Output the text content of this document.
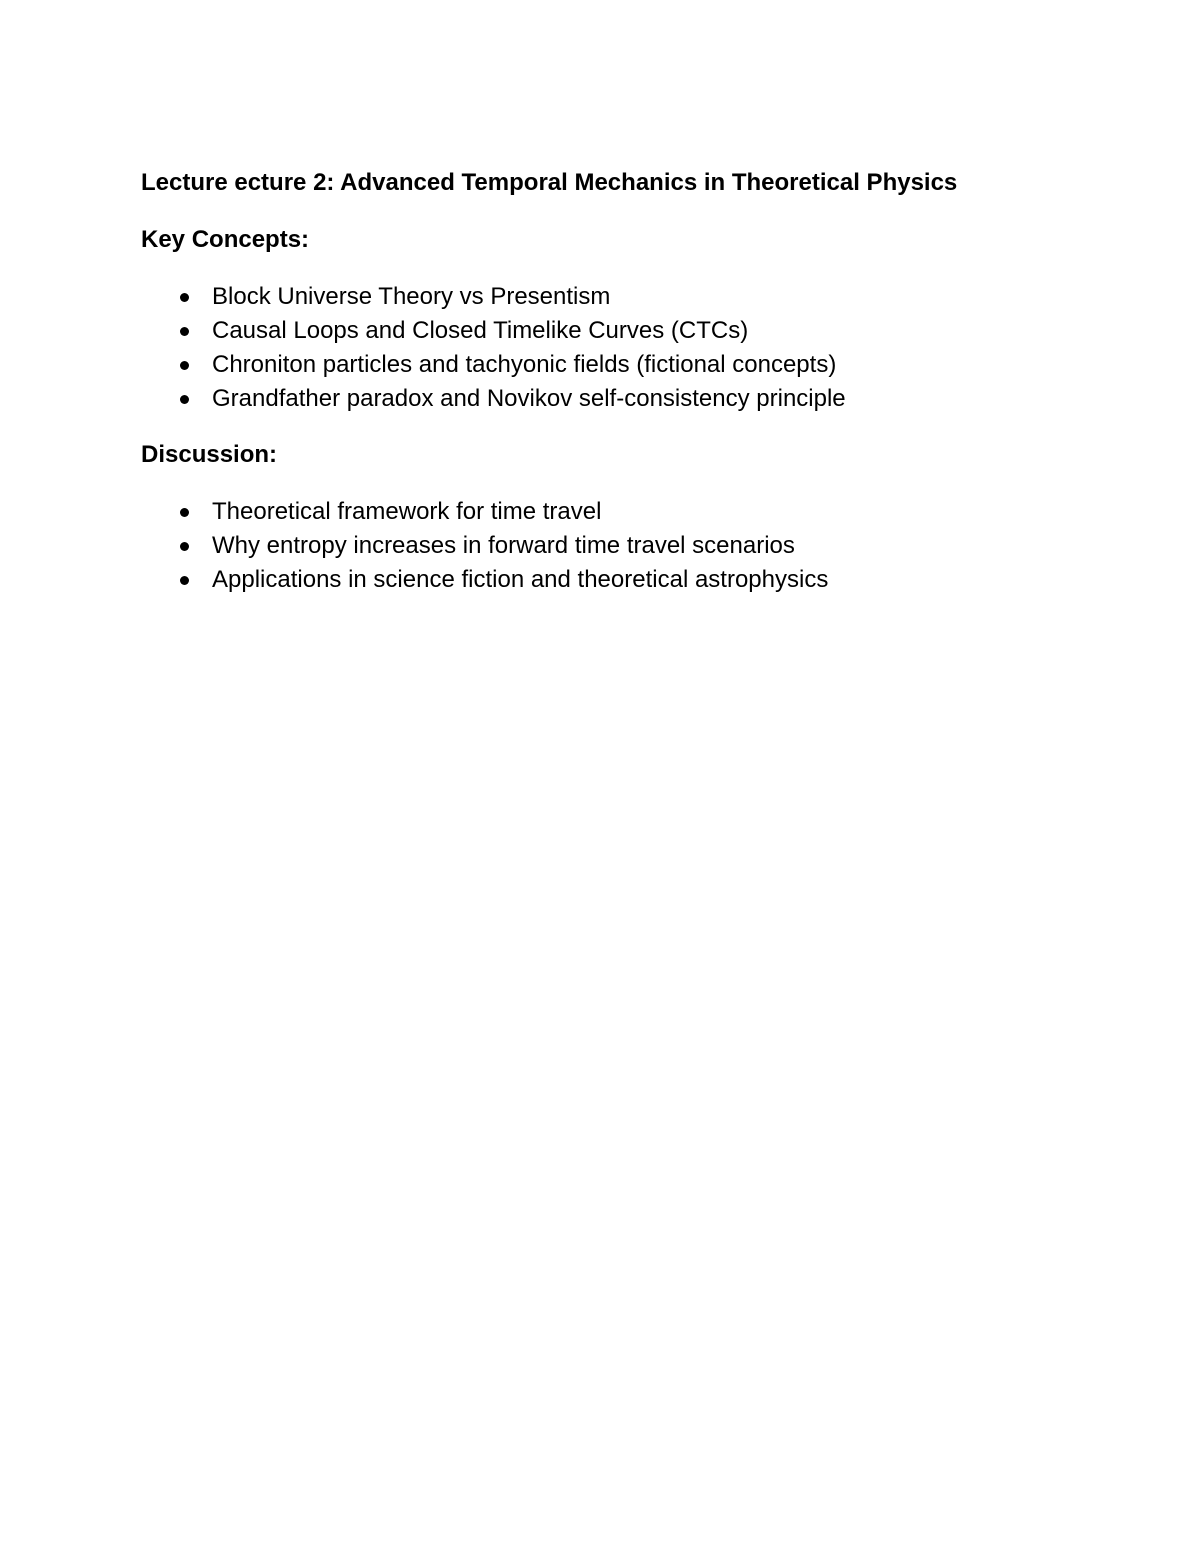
Lecture ecture 2: Advanced Temporal Mechanics in Theoretical Physics
Key Concepts:
Block Universe Theory vs Presentism
Causal Loops and Closed Timelike Curves (CTCs)
Chroniton particles and tachyonic fields (fictional concepts)
Grandfather paradox and Novikov self-consistency principle
Discussion:
Theoretical framework for time travel
Why entropy increases in forward time travel scenarios
Applications in science fiction and theoretical astrophysics
